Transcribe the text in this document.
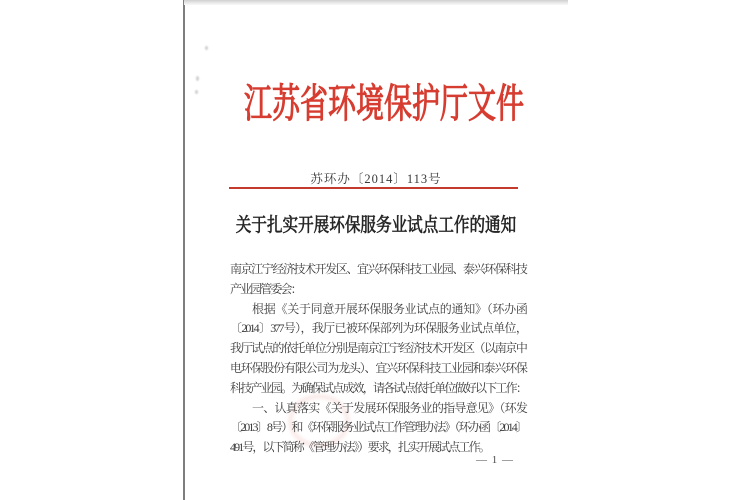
江苏省环境保护厅文件
苏环办〔2014〕113号
关于扎实开展环保服务业试点工作的通知
南京江宁经济技术开发区、宜兴环保科技工业园、泰兴环保科技
产业园管委会：
根据《关于同意开展环保服务业试点的通知》（环办函
〔2014〕377号），我厅已被环保部列为环保服务业试点单位，
我厅试点的依托单位分别是南京江宁经济技术开发区（以南京中
电环保股份有限公司为龙头）、宜兴环保科技工业园和泰兴环保
科技产业园。为确保试点成效，请各试点依托单位做好以下工作：
一、认真落实《关于发展环保服务业的指导意见》（环发
〔2013〕8号）和《环保服务业试点工作管理办法》（环办函〔2014〕
491号，以下简称《管理办法》）要求，扎实开展试点工作。
— 1 —
